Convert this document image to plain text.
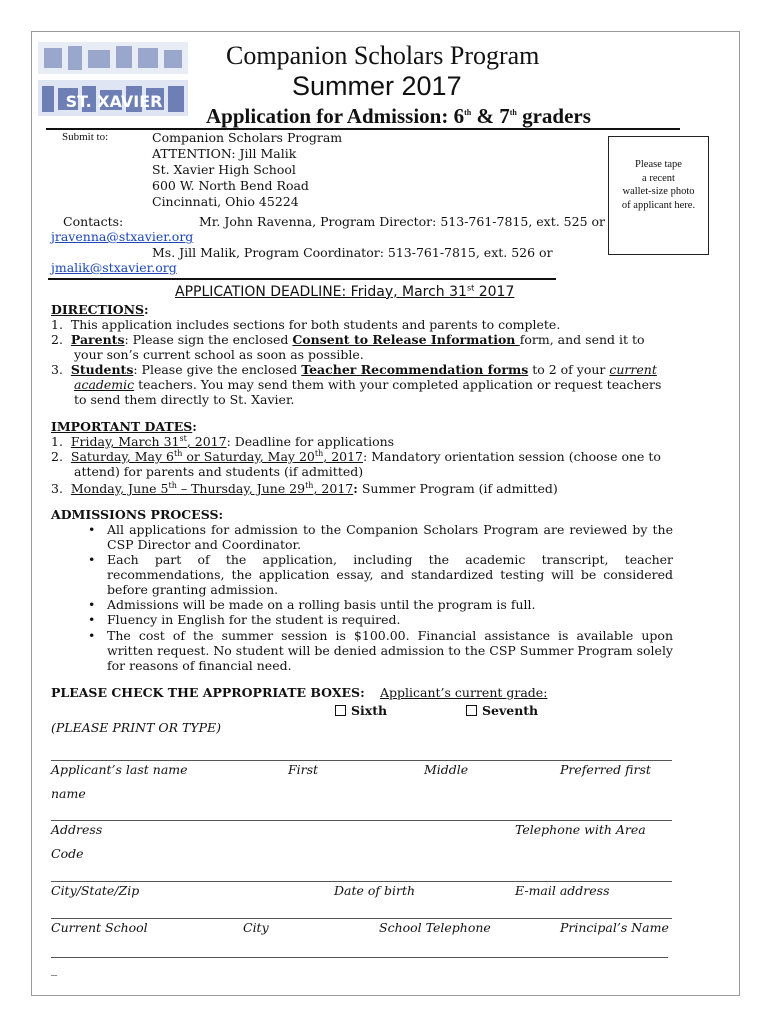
ST. XAVIER
Companion Scholars Program
Summer 2017
Application for Admission: 6th & 7th graders
Submit to:	Companion Scholars Program
ATTENTION: Jill Malik
St. Xavier High School
600 W. North Bend Road
Cincinnati, Ohio 45224
Please tape
a recent
wallet-size photo
of applicant here.
Contacts:	Mr. John Ravenna, Program Director: 513-761-7815, ext. 525 or
jravenna@stxavier.org
Ms. Jill Malik, Program Coordinator: 513-761-7815, ext. 526 or
jmalik@stxavier.org
APPLICATION DEADLINE: Friday, March 31st 2017
DIRECTIONS:
1.  This application includes sections for both students and parents to complete.
2.  Parents: Please sign the enclosed Consent to Release Information form, and send it to
your son’s current school as soon as possible.
3.  Students: Please give the enclosed Teacher Recommendation forms to 2 of your current
academic teachers. You may send them with your completed application or request teachers
to send them directly to St. Xavier.
IMPORTANT DATES:
1.  Friday, March 31st, 2017: Deadline for applications
2.  Saturday, May 6th or Saturday, May 20th, 2017: Mandatory orientation session (choose one to
attend) for parents and students (if admitted)
3.  Monday, June 5th – Thursday, June 29th, 2017: Summer Program (if admitted)
ADMISSIONS PROCESS:
• All applications for admission to the Companion Scholars Program are reviewed by the CSP Director and Coordinator.
• Each part of the application, including the academic transcript, teacher recommendations, the application essay, and standardized testing will be considered before granting admission.
• Admissions will be made on a rolling basis until the program is full.
• Fluency in English for the student is required.
• The cost of the summer session is $100.00. Financial assistance is available upon written request. No student will be denied admission to the CSP Summer Program solely for reasons of financial need.
PLEASE CHECK THE APPROPRIATE BOXES: Applicant’s current grade:
Sixth	Seventh
(PLEASE PRINT OR TYPE)
Applicant’s last name	First	Middle	Preferred first
name
Address	Telephone with Area
Code
City/State/Zip	Date of birth	E-mail address
Current School	City	School Telephone	Principal’s Name
_
